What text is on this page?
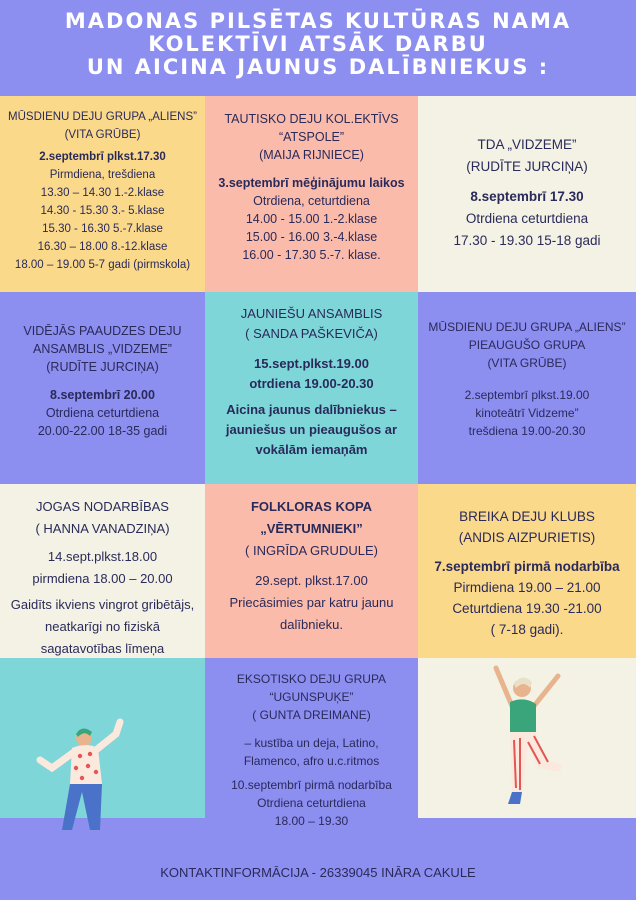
MADONAS PILSĒTAS KULTŪRAS NAMA
KOLEKTĪVI ATSĀK DARBU
UN AICINA JAUNUS DALĪBNIEKUS :

MŪSDIENU DEJU GRUPA „ALIENS”

(VITA GRŪBE)

2.septembrī plkst.17.30

Pirmdiena, trešdiena

13.30 – 14.30 1.-2.klase

14.30 - 15.30 3.- 5.klase

15.30 - 16.30 5.-7.klase

16.30 – 18.00 8.-12.klase

18.00 – 19.00 5-7 gadi (pirmskola)

TAUTISKO DEJU KOL.EKTĪVS

“ATSPOLE”

(MAIJA RIJNIECE)

3.septembrī mēģinājumu laikos

Otrdiena, ceturtdiena

14.00 - 15.00 1.-2.klase

15.00 - 16.00 3.-4.klase

16.00 - 17.30 5.-7. klase.

TDA „VIDZEME”

(RUDĪTE JURCIŅA)

8.septembrī 17.30

Otrdiena ceturtdiena

17.30 - 19.30 15-18 gadi

VIDĒJĀS PAAUDZES DEJU

ANSAMBLIS „VIDZEME”

(RUDĪTE JURCIŅA)

8.septembrī 20.00

Otrdiena ceturtdiena

20.00-22.00 18-35 gadi

JAUNIEŠU ANSAMBLIS

( SANDA PAŠKEVIČA)

15.sept.plkst.19.00

otrdiena 19.00-20.30

Aicina jaunus dalībniekus –

jauniešus un pieaugušos ar

vokālām iemaņām

MŪSDIENU DEJU GRUPA „ALIENS”

PIEAUGUŠO GRUPA

(VITA GRŪBE)

2.septembrī plkst.19.00

kinoteātrī Vidzeme”

trešdiena 19.00-20.30

JOGAS NODARBĪBAS

( HANNA VANADZIŅA)

14.sept.plkst.18.00

pirmdiena 18.00 – 20.00

Gaidīts ikviens vingrot gribētājs,

neatkarīgi no fiziskā

sagatavotības līmeņa

FOLKLORAS KOPA

„VĒRTUMNIEKI”

( INGRĪDA GRUDULE)

29.sept. plkst.17.00

Priecāsimies par katru jaunu

dalībnieku.

BREIKA DEJU KLUBS

(ANDIS AIZPURIETIS)

7.septembrī pirmā nodarbība

Pirmdiena 19.00 – 21.00

Ceturtdiena 19.30 -21.00

( 7-18 gadi).

EKSOTISKO DEJU GRUPA

“UGUNSPUĶE”

( GUNTA DREIMANE)

– kustība un deja, Latino,

Flamenco, afro u.c.ritmos

10.septembrī pirmā nodarbība

Otrdiena ceturtdiena

18.00 – 19.30

KONTAKTINFORMĀCIJA - 26339045 INĀRA CAKULE
